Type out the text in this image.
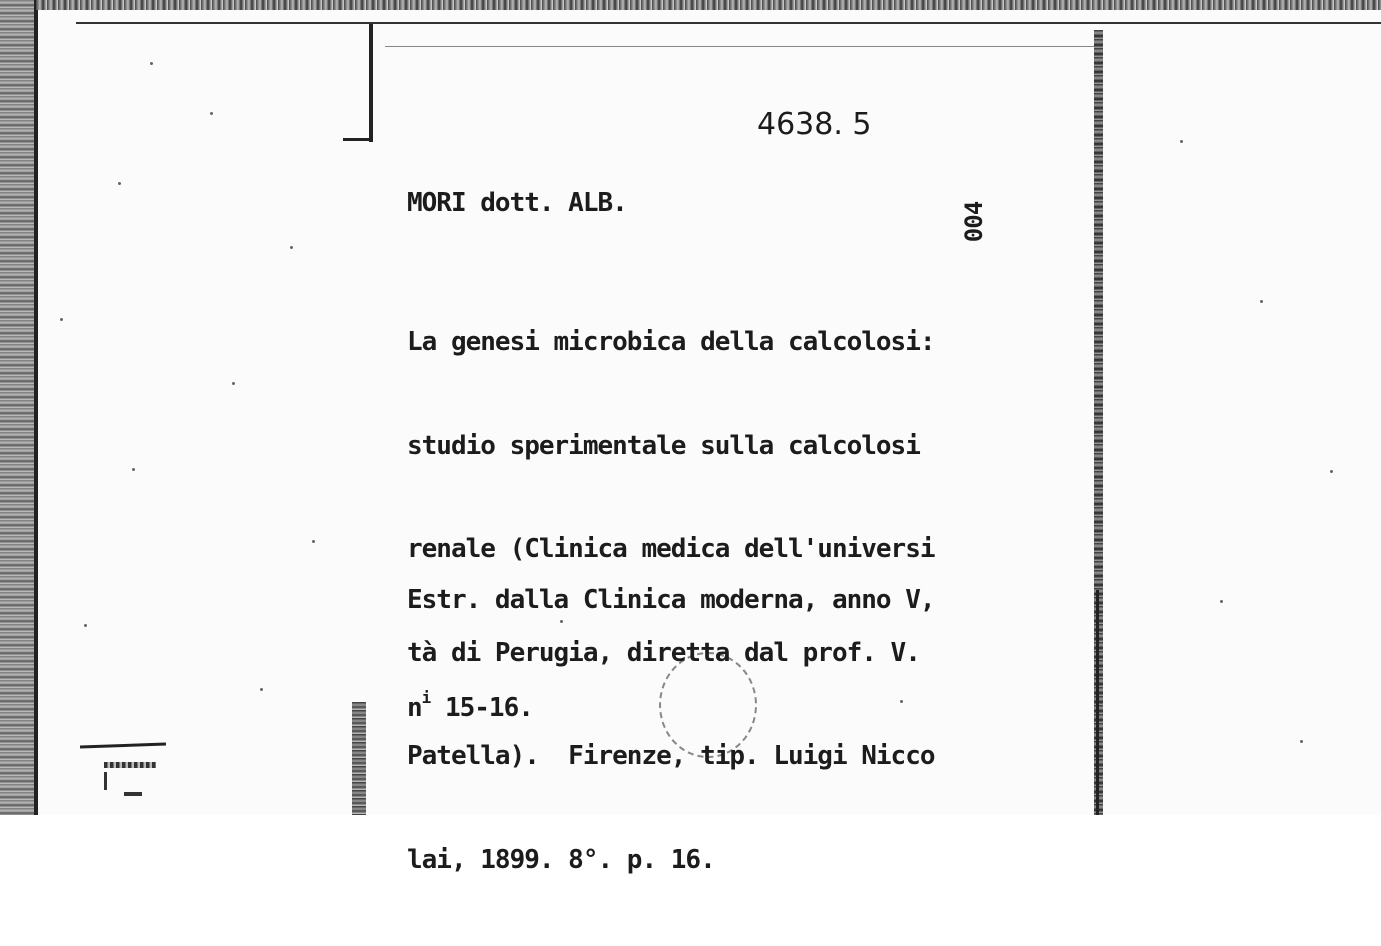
4638. 5
MORI dott. ALB.	004

La genesi microbica della calcolosi:

studio sperimentale sulla calcolosi

renale (Clinica medica dell'universi

tà di Perugia, diretta dal prof. V.

Patella).  Firenze, tip. Luigi Nicco

lai, 1899. 8°. p. 16.

Estr. dalla Clinica moderna, anno V,

$n^i$ 15-16.
